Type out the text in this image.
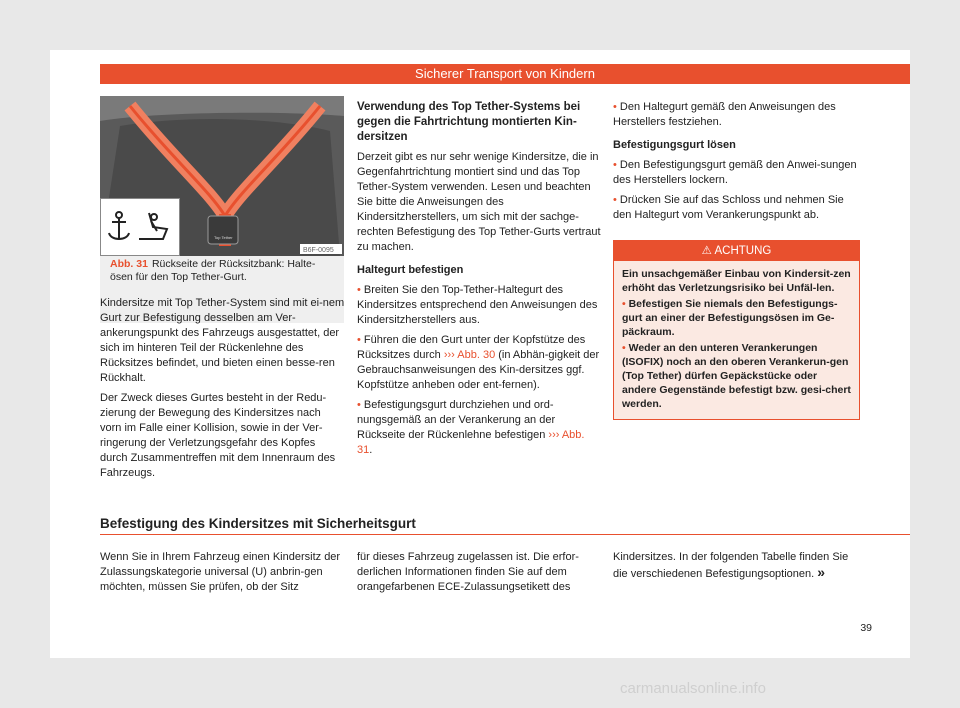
Sicherer Transport von Kindern
Top Tether
B6F-0095
Abb. 31 Rückseite der Rücksitzbank: Halte-ösen für den Top Tether-Gurt.

Kindersitze mit Top Tether-System sind mit ei-nem Gurt zur Befestigung desselben am Ver-ankerungspunkt des Fahrzeugs ausgestattet, der sich im hinteren Teil der Rückenlehne des Rücksitzes befindet, und bieten einen besse-ren Rückhalt.

Der Zweck dieses Gurtes besteht in der Redu-zierung der Bewegung des Kindersitzes nach vorn im Falle einer Kollision, sowie in der Ver-ringerung der Verletzungsgefahr des Kopfes durch Zusammentreffen mit dem Innenraum des Fahrzeugs.

Verwendung des Top Tether-Systems bei gegen die Fahrtrichtung montierten Kin-dersitzen

Derzeit gibt es nur sehr wenige Kindersitze, die in Gegenfahrtrichtung montiert sind und das Top Tether-System verwenden. Lesen und beachten Sie bitte die Anweisungen des Kindersitzherstellers, um sich mit der sachge-rechten Befestigung des Top Tether-Gurts vertraut zu machen.

Haltegurt befestigen

• Breiten Sie den Top-Tether-Haltegurt des Kindersitzes entsprechend den Anweisungen des Kindersitzherstellers aus.

• Führen die den Gurt unter der Kopfstütze des Rücksitzes durch ››› Abb. 30 (in Abhän-gigkeit der Gebrauchsanweisungen des Kin-dersitzes ggf. Kopfstütze anheben oder ent-fernen).

• Befestigungsgurt durchziehen und ord-nungsgemäß an der Verankerung an der Rückseite der Rückenlehne befestigen ››› Abb. 31.

• Den Haltegurt gemäß den Anweisungen des Herstellers festziehen.

Befestigungsgurt lösen

• Den Befestigungsgurt gemäß den Anwei-sungen des Herstellers lockern.

• Drücken Sie auf das Schloss und nehmen Sie den Haltegurt vom Verankerungspunkt ab.

⚠ ACHTUNG

Ein unsachgemäßer Einbau von Kindersit-zen erhöht das Verletzungsrisiko bei Unfäl-len.

• Befestigen Sie niemals den Befestigungs-gurt an einer der Befestigungsösen im Ge-päckraum.

• Weder an den unteren Verankerungen (ISOFIX) noch an den oberen Verankerun-gen (Top Tether) dürfen Gepäckstücke oder andere Gegenstände befestigt bzw. gesi-chert werden.

Befestigung des Kindersitzes mit Sicherheitsgurt

Wenn Sie in Ihrem Fahrzeug einen Kindersitz der Zulassungskategorie universal (U) anbrin-gen möchten, müssen Sie prüfen, ob der Sitz

für dieses Fahrzeug zugelassen ist. Die erfor-derlichen Informationen finden Sie auf dem orangefarbenen ECE-Zulassungsetikett des

Kindersitzes. In der folgenden Tabelle finden Sie die verschiedenen Befestigungsoptionen. »

39
carmanualsonline.info
